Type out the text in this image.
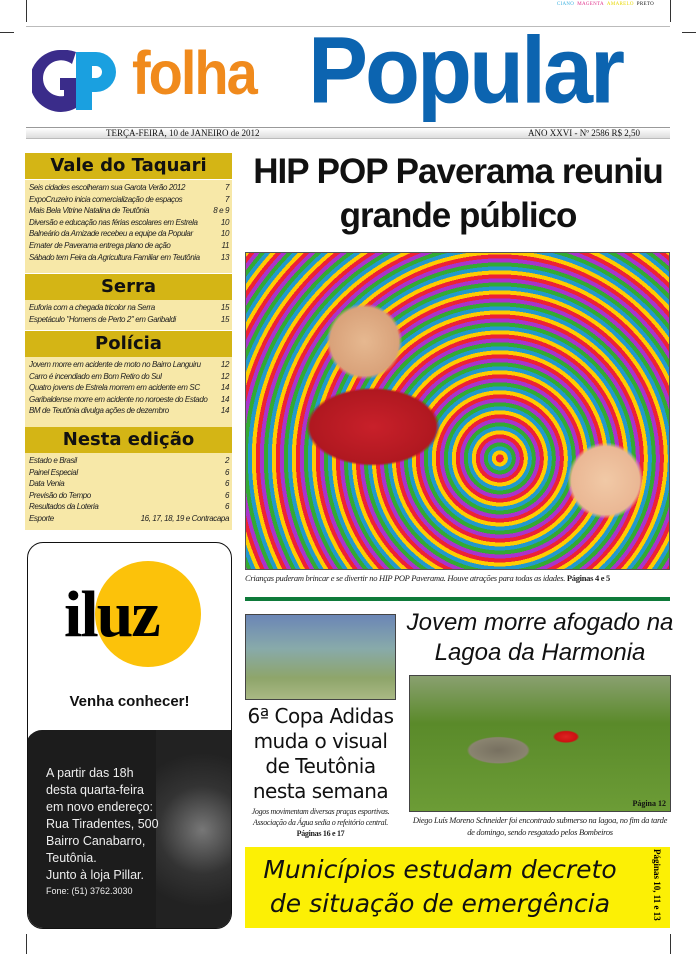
CIANO MAGENTA AMARELO PRETO
folha Popular
TERÇA-FEIRA, 10 de JANEIRO de 2012	ANO XXVI - Nº 2586 R$ 2,50
Vale do Taquari
Seis cidades escolheram sua Garota Verão 2012	7
ExpoCruzeiro inicia comercialização de espaços	7
Mais Bela Vitrine Natalina de Teutônia	8 e 9
Diversão e educação nas férias escolares em Estrela	10
Balneário da Amizade recebeu a equipe da Popular	10
Emater de Paverama entrega plano de ação	11
Sábado tem Feira da Agricultura Familiar em Teutônia	13
Serra
Euforia com a chegada tricolor na Serra	15
Espetáculo "Homens de Perto 2" em Garibaldi	15
Polícia
Jovem morre em acidente de moto no Bairro Languiru	12
Carro é incendiado em Bom Retiro do Sul	12
Quatro jovens de Estrela morrem em acidente em SC	14
Garibaldense morre em acidente no noroeste do Estado 14
BM de Teutônia divulga ações de dezembro	14
Nesta edição
Estado e Brasil	2
Painel Especial	6
Data Venia	6
Previsão do Tempo	6
Resultados da Loteria	6
Esporte	16, 17, 18, 19 e Contracapa
iluz
Venha conhecer!
A partir das 18h
desta quarta-feira
em novo endereço:
Rua Tiradentes, 500
Bairro Canabarro,
Teutônia.
Junto à loja Pillar.
Fone: (51) 3762.3030
HIP POP Paverama reuniu grande público
Crianças puderam brincar e se divertir no HIP POP Paverama. Houve atrações para todas as idades. Páginas 4 e 5
Jovem morre afogado na Lagoa da Harmonia
Página 12
Diego Luís Moreno Schneider foi encontrado submerso na lagoa, no fim da tarde de domingo, sendo resgatado pelos Bombeiros
6ª Copa Adidas muda o visual de Teutônia nesta semana
Jogos movimentam diversas praças esportivas. Associação da Água sedia o refeitório central. Páginas 16 e 17
Municípios estudam decreto de situação de emergência	Páginas 10, 11 e 13
